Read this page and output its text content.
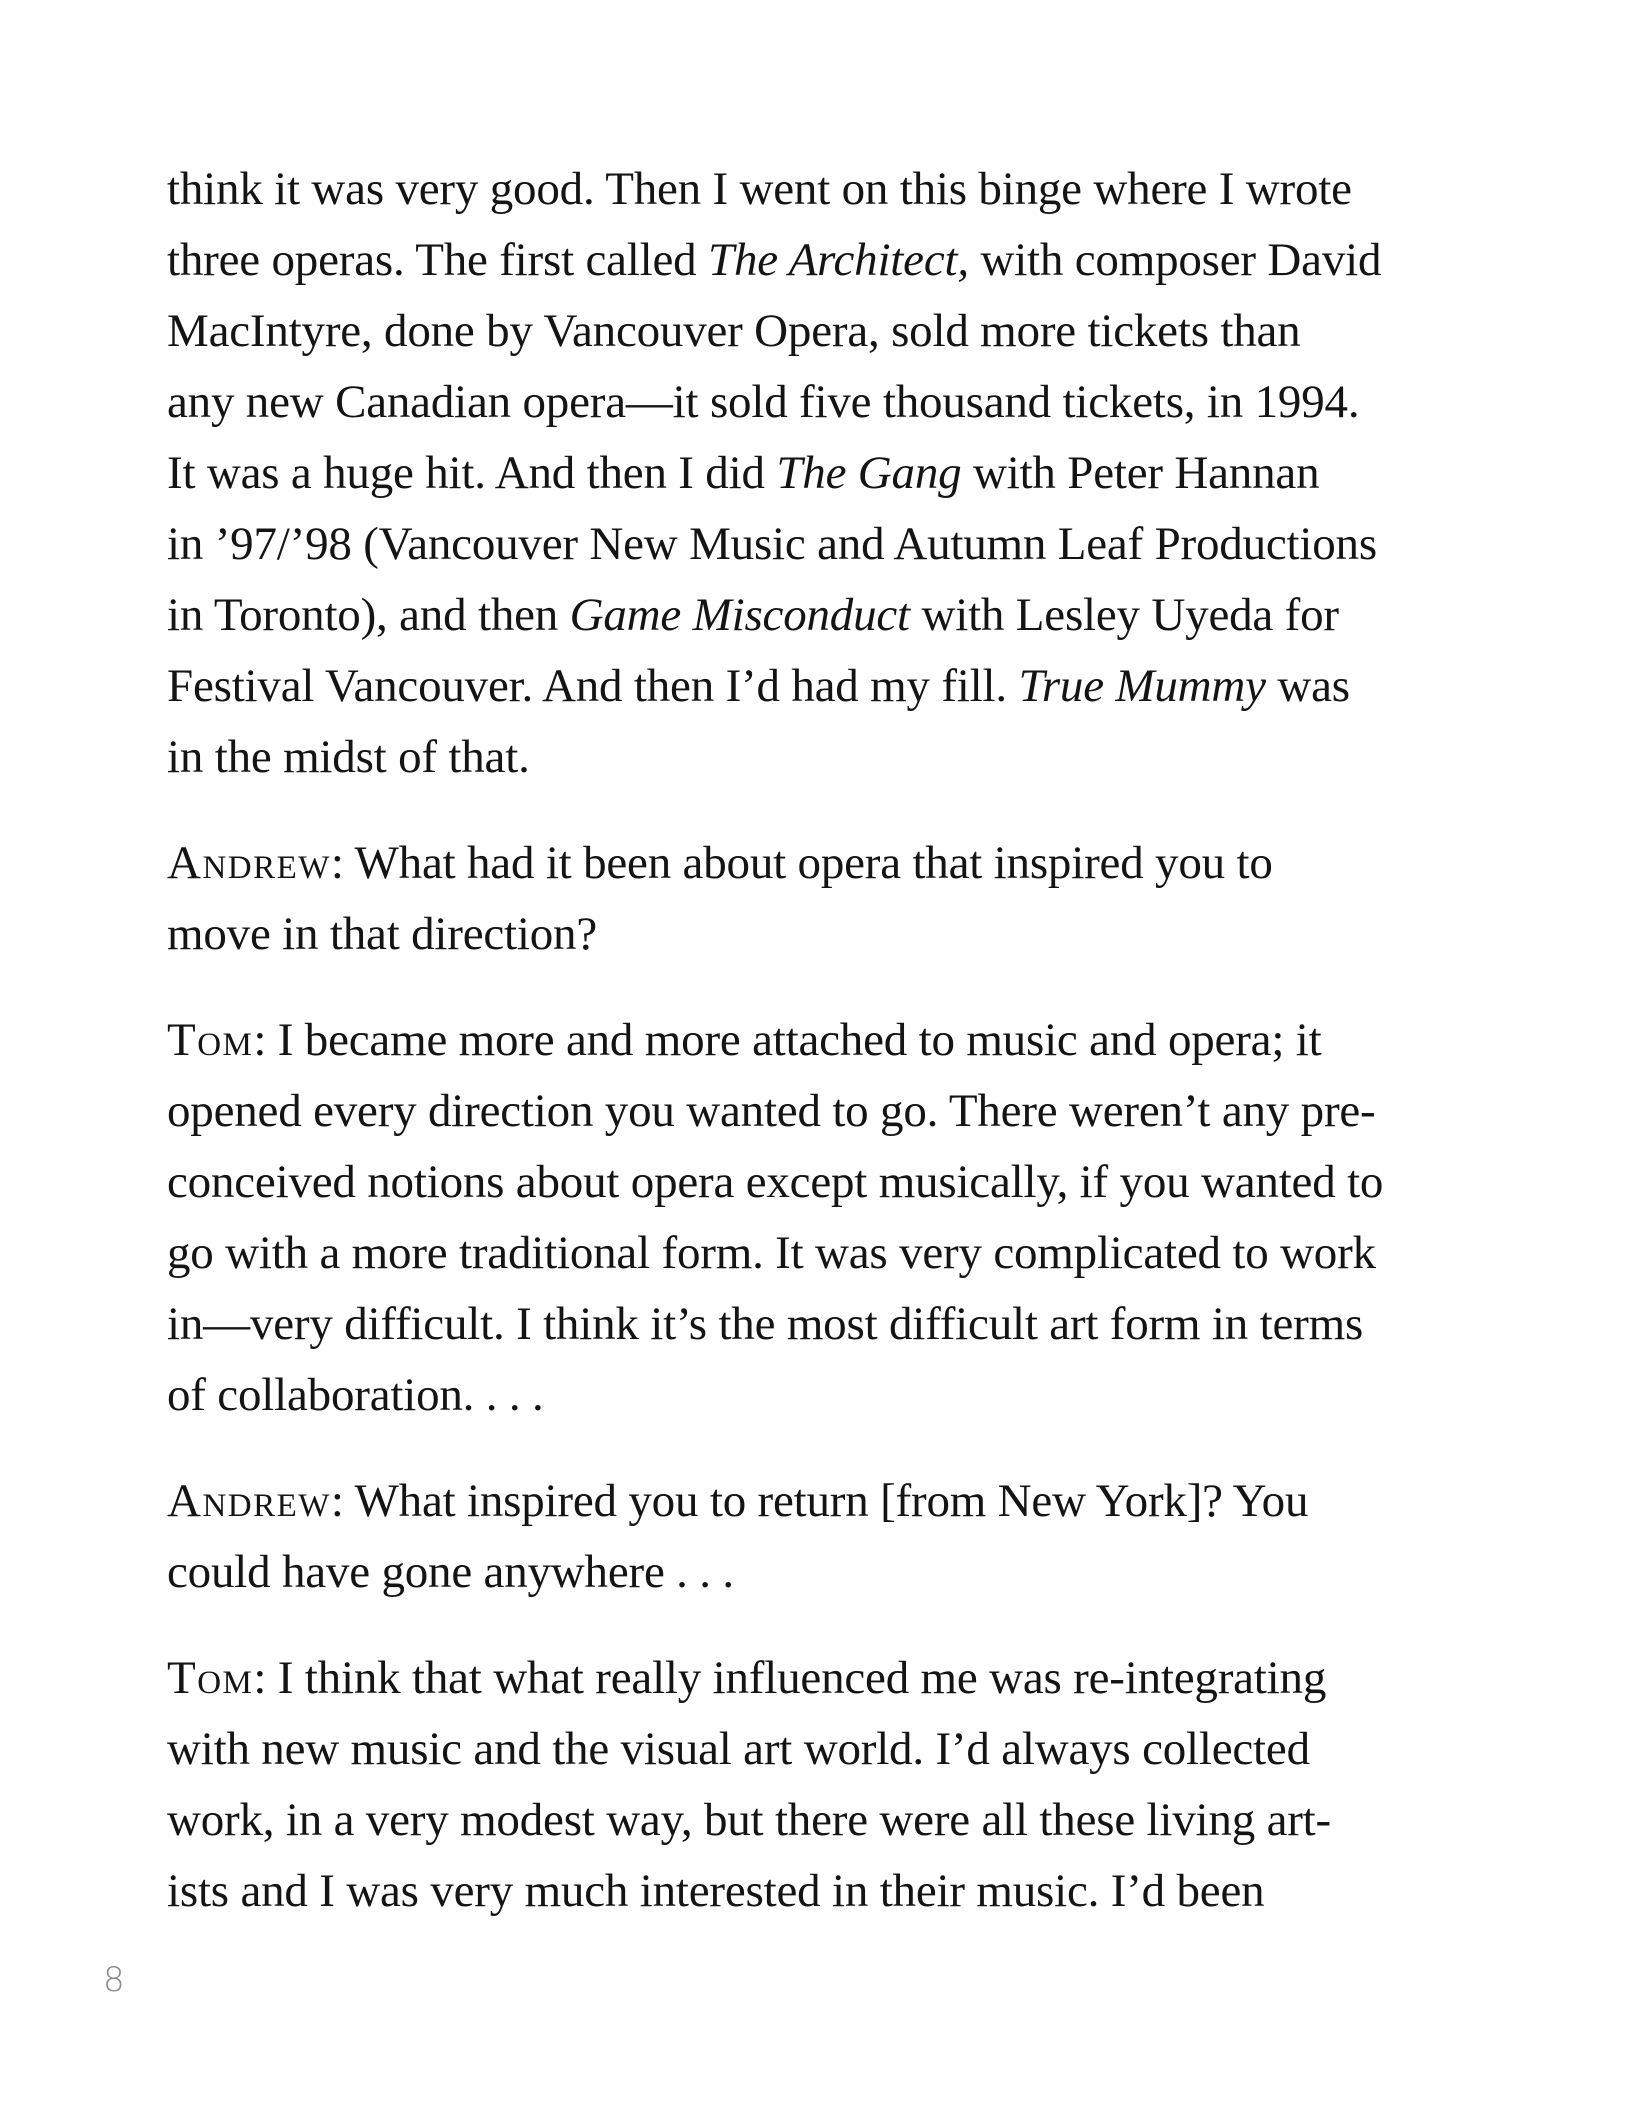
think it was very good. Then I went on this binge where I wrote
three operas. The first called The Architect, with composer David
MacIntyre, done by Vancouver Opera, sold more tickets than
any new Canadian opera—it sold five thousand tickets, in 1994.
It was a huge hit. And then I did The Gang with Peter Hannan
in ’97/’98 (Vancouver New Music and Autumn Leaf Productions
in Toronto), and then Game Misconduct with Lesley Uyeda for
Festival Vancouver. And then I’d had my fill. True Mummy was
in the midst of that.
Andrew: What had it been about opera that inspired you to
move in that direction?
Tom: I became more and more attached to music and opera; it
opened every direction you wanted to go. There weren’t any pre-
conceived notions about opera except musically, if you wanted to
go with a more traditional form. It was very complicated to work
in—very difficult. I think it’s the most difficult art form in terms
of collaboration. . . .
Andrew: What inspired you to return [from New York]? You
could have gone anywhere . . .
Tom: I think that what really influenced me was re-integrating
with new music and the visual art world. I’d always collected
work, in a very modest way, but there were all these living art-
ists and I was very much interested in their music. I’d been
8
